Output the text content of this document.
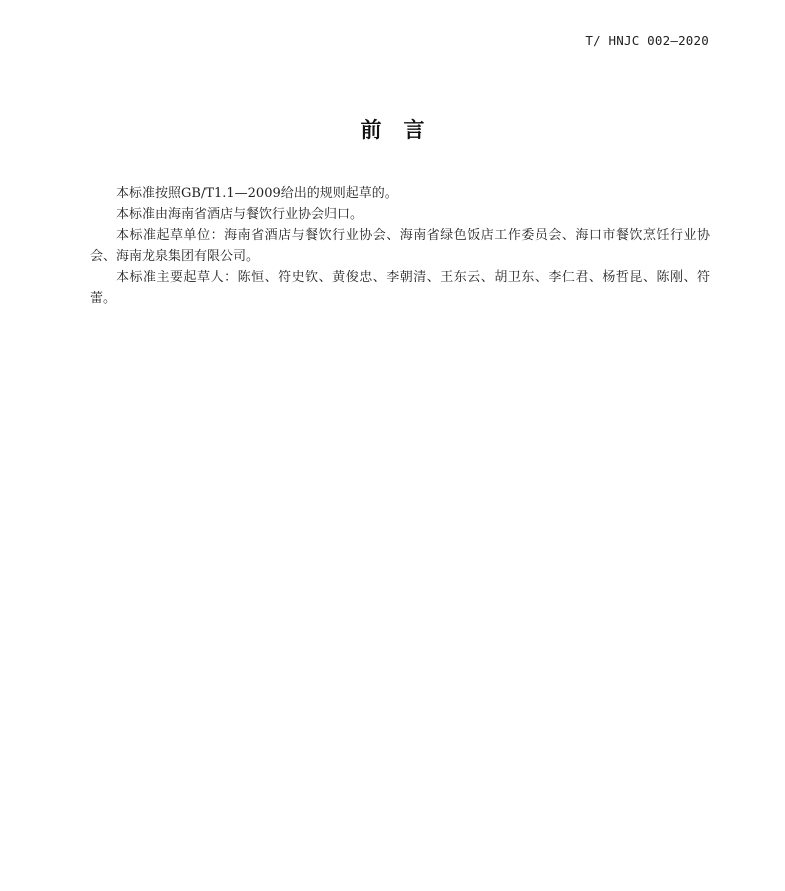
T/ HNJC 002—2020
前言

本标准按照GB/T1.1—2009给出的规则起草的。

本标准由海南省酒店与餐饮行业协会归口。

本标准起草单位：海南省酒店与餐饮行业协会、海南省绿色饭店工作委员会、海口市餐饮烹饪行业协会、海南龙泉集团有限公司。

本标准主要起草人：陈恒、符史钦、黄俊忠、李朝清、王东云、胡卫东、李仁君、杨哲昆、陈刚、符蕾。
